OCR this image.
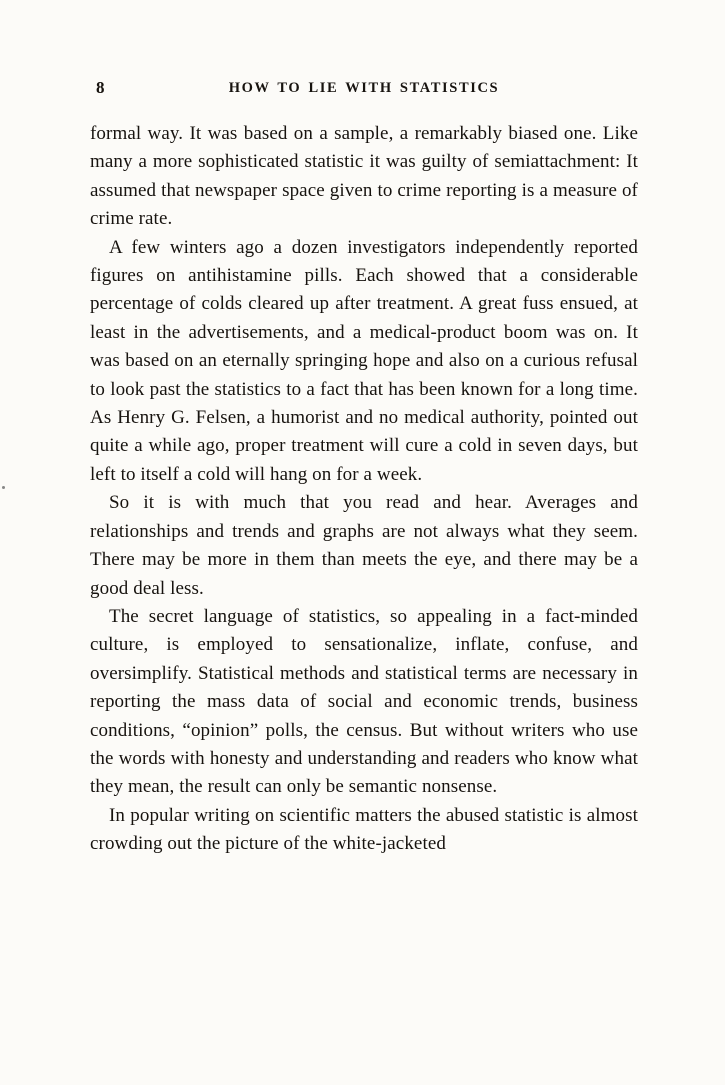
8	HOW TO LIE WITH STATISTICS

formal way. It was based on a sample, a remarkably biased one. Like many a more sophisticated statistic it was guilty of semiattachment: It assumed that newspaper space given to crime reporting is a measure of crime rate.

A few winters ago a dozen investigators independently reported figures on antihistamine pills. Each showed that a considerable percentage of colds cleared up after treatment. A great fuss ensued, at least in the advertisements, and a medical-product boom was on. It was based on an eternally springing hope and also on a curious refusal to look past the statistics to a fact that has been known for a long time. As Henry G. Felsen, a humorist and no medical authority, pointed out quite a while ago, proper treatment will cure a cold in seven days, but left to itself a cold will hang on for a week.

So it is with much that you read and hear. Averages and relationships and trends and graphs are not always what they seem. There may be more in them than meets the eye, and there may be a good deal less.

The secret language of statistics, so appealing in a fact-minded culture, is employed to sensationalize, inflate, confuse, and oversimplify. Statistical methods and statistical terms are necessary in reporting the mass data of social and economic trends, business conditions, “opinion” polls, the census. But without writers who use the words with honesty and understanding and readers who know what they mean, the result can only be semantic nonsense.

In popular writing on scientific matters the abused statistic is almost crowding out the picture of the white-jacketed
